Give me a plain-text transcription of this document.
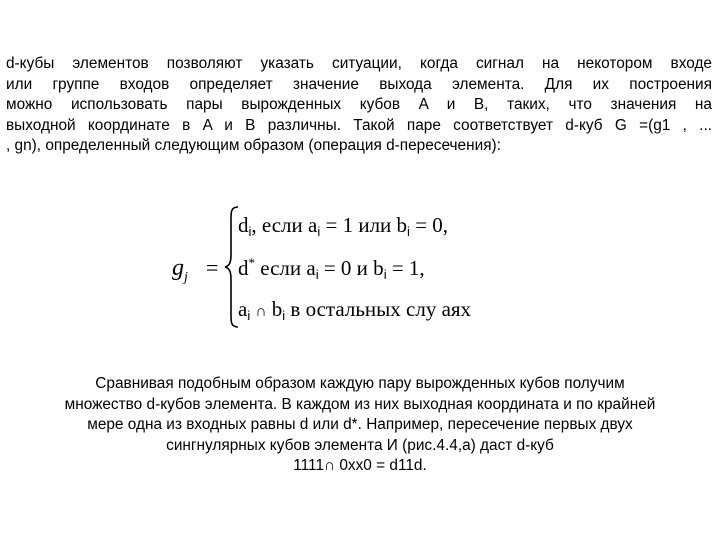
d-кубы элементов позволяют указать ситуации, когда сигнал на некотором входе
или группе входов определяет значение выхода элемента. Для их построения
можно использовать пары вырожденных кубов A и B, таких, что значения на
выходной координате в A и B различны. Такой паре соответствует d-куб G =(g1 , ...
, gn), определенный следующим образом (операция d-пересечения):
$g_j$ =
di, если ai = 1 или bi = 0,
d* если ai = 0 и bi = 1,
ai ∩ bi в остальных слу аях
Сравнивая подобным образом каждую пару вырожденных кубов получим
множество d-кубов элемента. В каждом из них выходная координата и по крайней
мере одна из входных равны d или d*. Например, пересечение первых двух
сингнулярных кубов элемента И (рис.4.4,а) даст d-куб
1111∩ 0xx0 = d11d.
